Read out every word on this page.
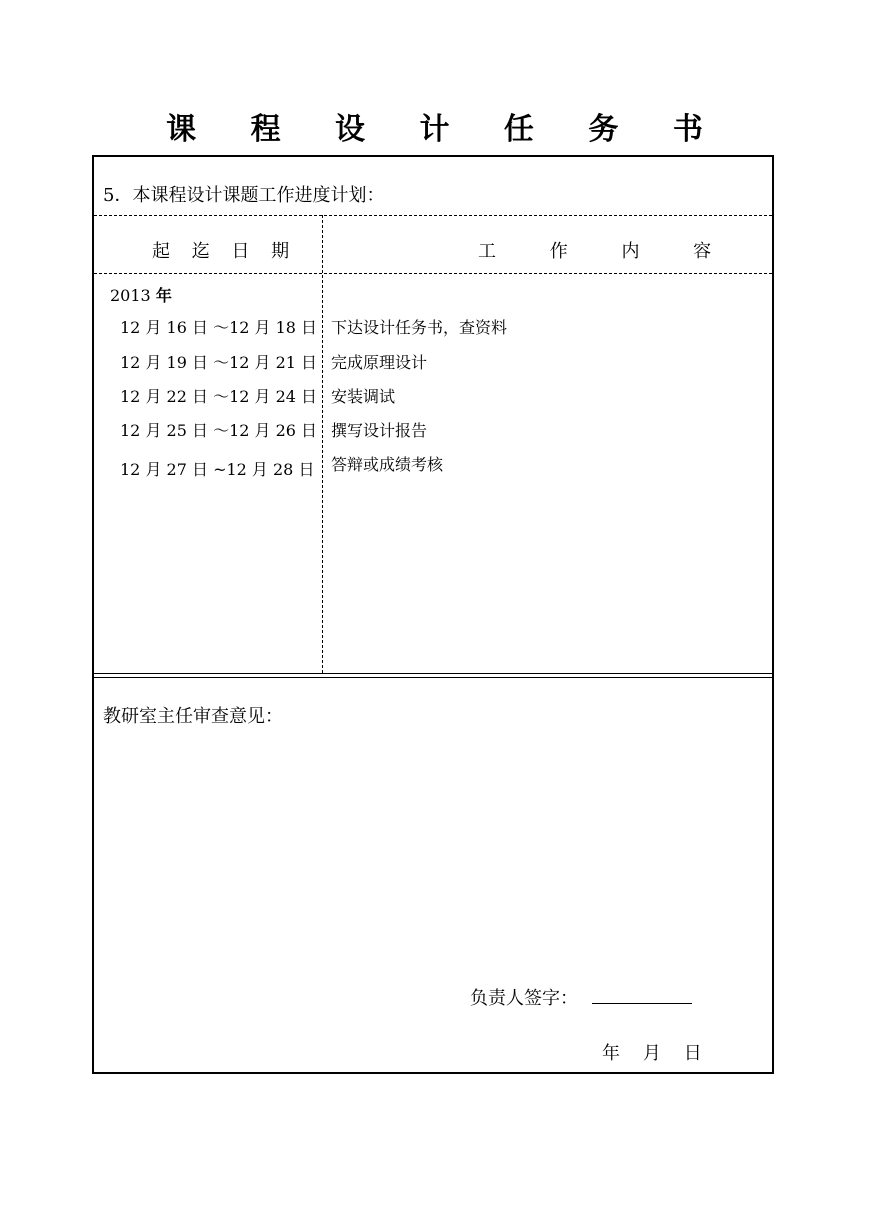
课 程 设 计 任 务 书
5．本课程设计课题工作进度计划：
起 迄 日 期	工 作 内 容
2013 年
12 月 16 日 ～12 月 18 日 下达设计任务书，查资料
12 月 19 日 ～12 月 21 日 完成原理设计
12 月 22 日 ～12 月 24 日 安装调试
12 月 25 日 ～12 月 26 日 撰写设计报告
12 月 27 日 ~12 月 28 日 答辩或成绩考核
教研室主任审查意见：
负责人签字：
年    月    日
